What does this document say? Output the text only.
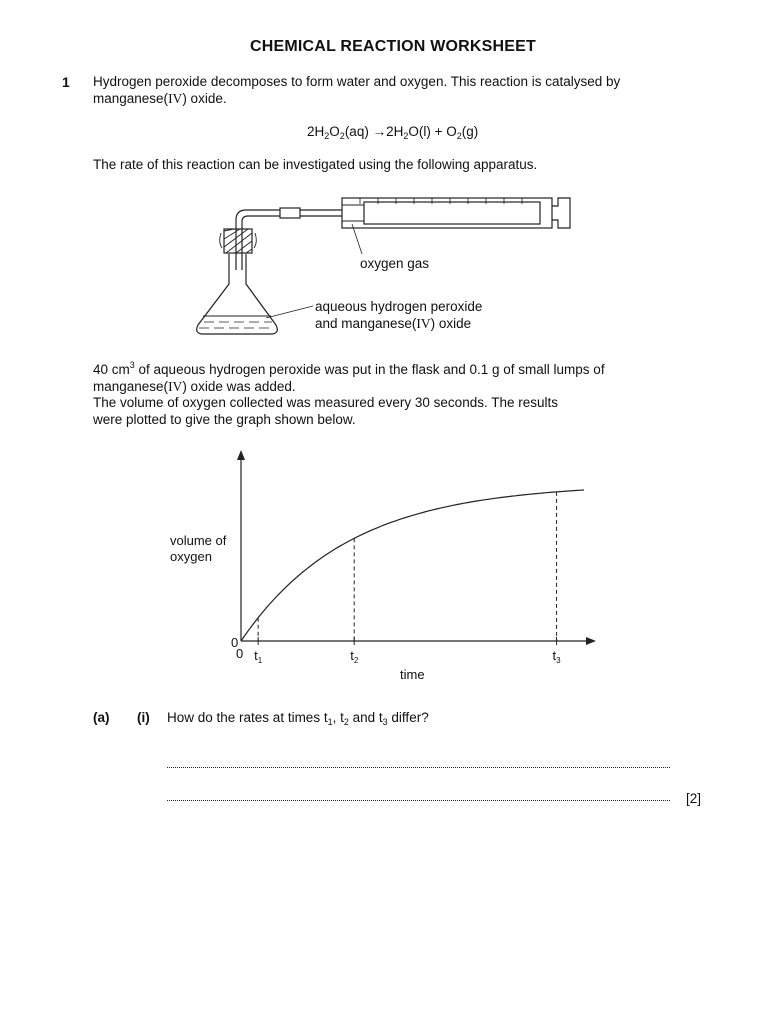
CHEMICAL REACTION WORKSHEET
1 Hydrogen peroxide decomposes to form water and oxygen. This reaction is catalysed by
manganese(IV) oxide.
$2H_2O_2(aq) \to 2H_2O(l) + O_2(g)$
The rate of this reaction can be investigated using the following apparatus.
oxygen gas
aqueous hydrogen peroxide
and manganese(IV) oxide
40 $cm^3$ of aqueous hydrogen peroxide was put in the flask and 0.1 g of small lumps of
manganese(IV) oxide was added.
The volume of oxygen collected was measured every 30 seconds. The results
were plotted to give the graph shown below.
$t_1$	$t_2$	$t_3$
volume of
oxygen
0
0
time
(a) (i) How do the rates at times $t_1$, $t_2$ and $t_3$ differ?
[2]
